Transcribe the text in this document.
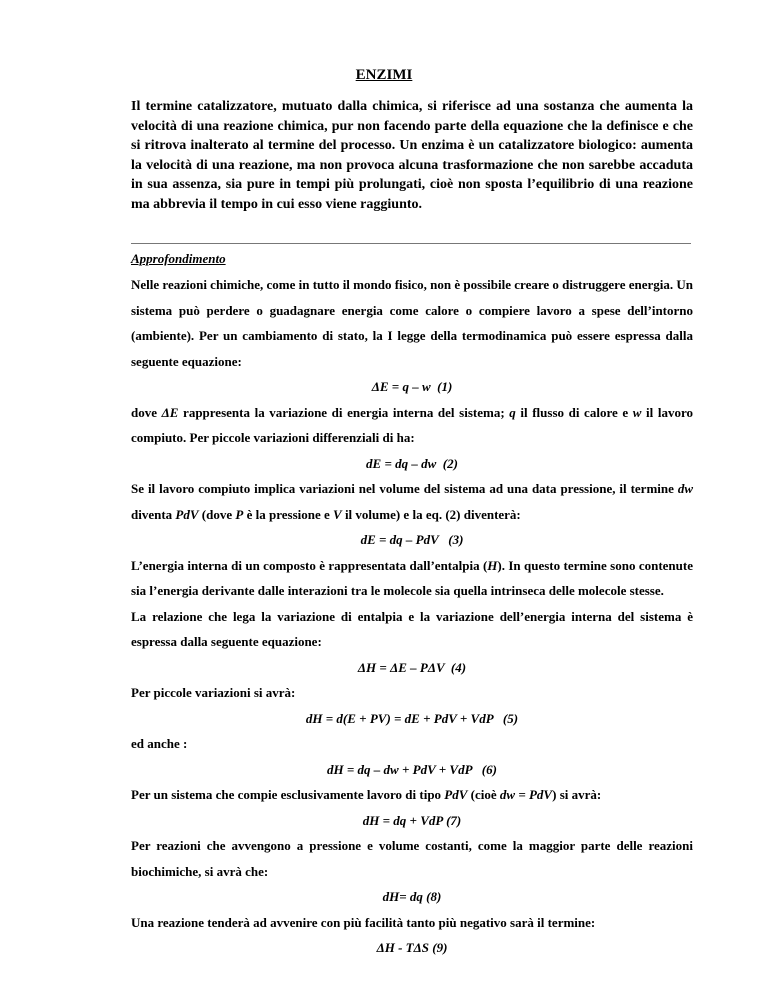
ENZIMI

Il termine catalizzatore, mutuato dalla chimica, si riferisce ad una sostanza che aumenta la velocità di una reazione chimica, pur non facendo parte della equazione che la definisce e che si ritrova inalterato al termine del processo. Un enzima è un catalizzatore biologico: aumenta la velocità di una reazione, ma non provoca alcuna trasformazione che non sarebbe accaduta in sua assenza, sia pure in tempi più prolungati, cioè non sposta l’equilibrio di una reazione ma abbrevia il tempo in cui esso viene raggiunto.

Approfondimento

Nelle reazioni chimiche, come in tutto il mondo fisico, non è possibile creare o distruggere energia. Un sistema può perdere o guadagnare energia come calore o compiere lavoro a spese dell’intorno (ambiente). Per un cambiamento di stato, la I legge della termodinamica può essere espressa dalla seguente equazione:

ΔE = q – w  (1)

dove ΔE rappresenta la variazione di energia interna del sistema; q il flusso di calore e w il lavoro compiuto. Per piccole variazioni differenziali di ha:

dE = dq – dw  (2)

Se il lavoro compiuto implica variazioni nel volume del sistema ad una data pressione, il termine dw diventa PdV (dove P è la pressione e V il volume) e la eq. (2) diventerà:

dE = dq – PdV   (3)

L’energia interna di un composto è rappresentata dall’entalpia (H). In questo termine sono contenute sia l’energia derivante dalle interazioni tra le molecole sia quella intrinseca delle molecole stesse.

La relazione che lega la variazione di entalpia e la variazione dell’energia interna del sistema è espressa dalla seguente equazione:

ΔH = ΔE – PΔV  (4)

Per piccole variazioni si avrà:

dH = d(E + PV) = dE + PdV + VdP   (5)

ed anche :

dH = dq – dw + PdV + VdP   (6)

Per un sistema che compie esclusivamente lavoro di tipo PdV (cioè dw = PdV) si avrà:

dH = dq + VdP (7)

Per reazioni che avvengono a pressione e volume costanti, come la maggior parte delle reazioni biochimiche, si avrà che:

dH= dq (8)

Una reazione tenderà ad avvenire con più facilità tanto più negativo sarà il termine:

ΔH - TΔS (9)
